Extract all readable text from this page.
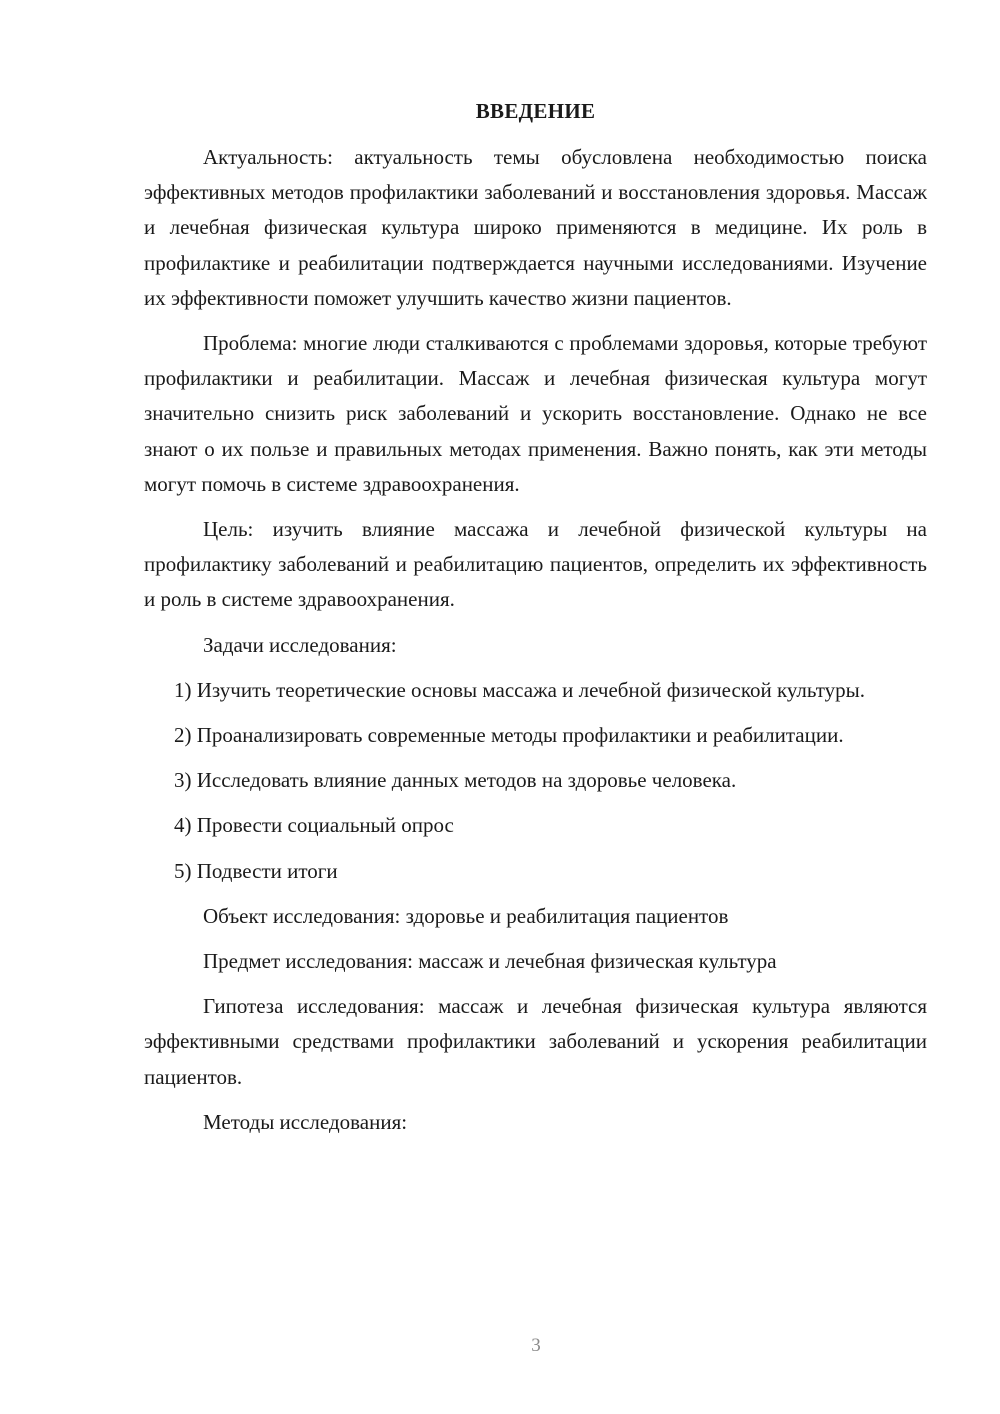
ВВЕДЕНИЕ

Актуальность: актуальность темы обусловлена необходимостью поиска эффективных методов профилактики заболеваний и восстановления здоровья. Массаж и лечебная физическая культура широко применяются в медицине. Их роль в профилактике и реабилитации подтверждается научными исследованиями. Изучение их эффективности поможет улучшить качество жизни пациентов.

Проблема: многие люди сталкиваются с проблемами здоровья, которые требуют профилактики и реабилитации. Массаж и лечебная физическая культура могут значительно снизить риск заболеваний и ускорить восстановление. Однако не все знают о их пользе и правильных методах применения. Важно понять, как эти методы могут помочь в системе здравоохранения.

Цель: изучить влияние массажа и лечебной физической культуры на профилактику заболеваний и реабилитацию пациентов, определить их эффективность и роль в системе здравоохранения.

Задачи исследования:

1) Изучить теоретические основы массажа и лечебной физической культуры.

2) Проанализировать современные методы профилактики и реабилитации.

3) Исследовать влияние данных методов на здоровье человека.

4) Провести социальный опрос

5) Подвести итоги

Объект исследования: здоровье и реабилитация пациентов

Предмет исследования: массаж и лечебная физическая культура

Гипотеза исследования: массаж и лечебная физическая культура являются эффективными средствами профилактики заболеваний и ускорения реабилитации пациентов.

Методы исследования:

3
